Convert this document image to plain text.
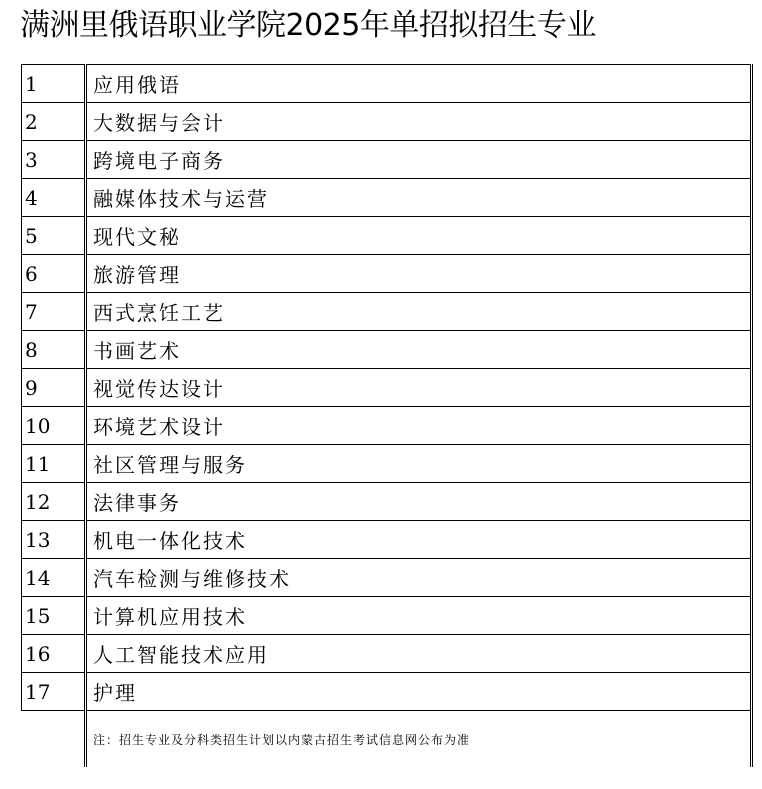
满洲里俄语职业学院2025年单招拟招生专业
1	应用俄语
2	大数据与会计
3	跨境电子商务
4	融媒体技术与运营
5	现代文秘
6	旅游管理
7	西式烹饪工艺
8	书画艺术
9	视觉传达设计
10	环境艺术设计
11	社区管理与服务
12	法律事务
13	机电一体化技术
14	汽车检测与维修技术
15	计算机应用技术
16	人工智能技术应用
17	护理
	注：招生专业及分科类招生计划以内蒙古招生考试信息网公布为准
